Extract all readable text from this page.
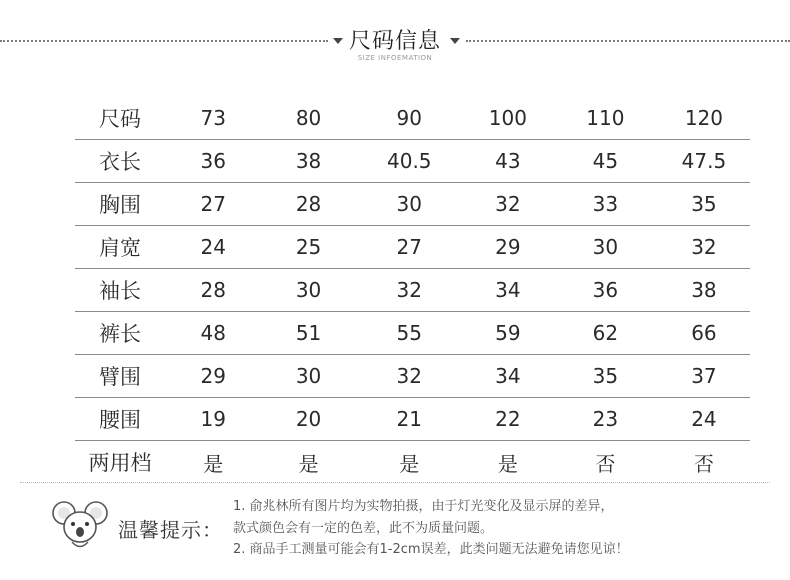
尺码信息
SIZE INFOEMATION
尺码	73	80	90	100	110	120
衣长	36	38	40.5	43	45	47.5
胸围	27	28	30	32	33	35
肩宽	24	25	27	29	30	32
袖长	28	30	32	34	36	38
裤长	48	51	55	59	62	66
臂围	29	30	32	34	35	37
腰围	19	20	21	22	23	24
两用档	是	是	是	是	否	否
温馨提示：
1. 俞兆林所有图片均为实物拍摄，由于灯光变化及显示屏的差异，
款式颜色会有一定的色差，此不为质量问题。
2. 商品手工测量可能会有1-2cm误差，此类问题无法避免请您见谅！
